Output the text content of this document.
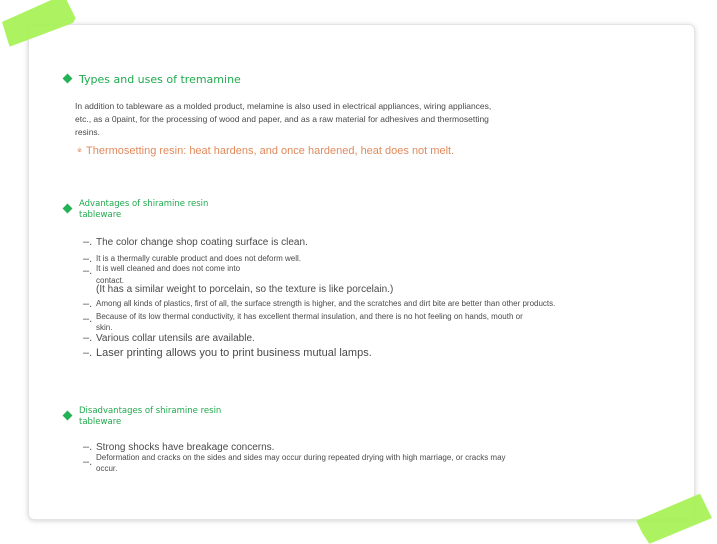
Types and uses of tremamine
In addition to tableware as a molded product, melamine is also used in electrical appliances, wiring appliances,
etc., as a 0paint, for the processing of wood and paper, and as a raw material for adhesives and thermosetting
resins.
※ Thermosetting resin: heat hardens, and once hardened, heat does not melt.
Advantages of shiramine resin
tableware
–. The color change shop coating surface is clean.
–. It is a thermally curable product and does not deform well.
–. It is well cleaned and does not come into
contact.
(It has a similar weight to porcelain, so the texture is like porcelain.)
–. Among all kinds of plastics, first of all, the surface strength is higher, and the scratches and dirt bite are better than other products.
–. Because of its low thermal conductivity, it has excellent thermal insulation, and there is no hot feeling on hands, mouth or
skin.
–. Various collar utensils are available.
–. Laser printing allows you to print business mutual lamps.
Disadvantages of shiramine resin
tableware
–. Strong shocks have breakage concerns.
–. Deformation and cracks on the sides and sides may occur during repeated drying with high marriage, or cracks may
occur.
